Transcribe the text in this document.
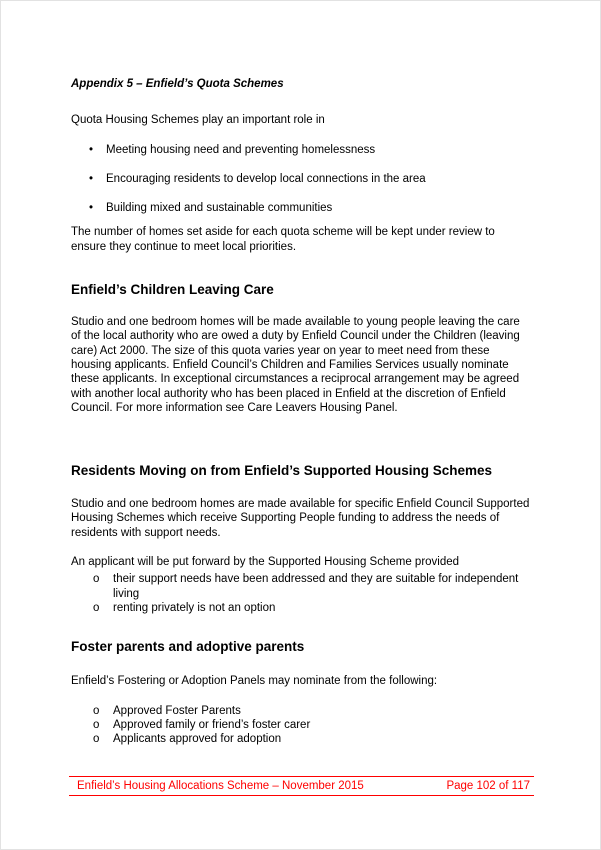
Appendix 5 – Enfield’s Quota Schemes

Quota Housing Schemes play an important role in

•	Meeting housing need and preventing homelessness
•	Encouraging residents to develop local connections in the area
•	Building mixed and sustainable communities

The number of homes set aside for each quota scheme will be kept under review to ensure they continue to meet local priorities.

Enfield’s Children Leaving Care

Studio and one bedroom homes will be made available to young people leaving the care of the local authority who are owed a duty by Enfield Council under the Children (leaving care) Act 2000. The size of this quota varies year on year to meet need from these housing applicants. Enfield Council’s Children and Families Services usually nominate these applicants. In exceptional circumstances a reciprocal arrangement may be agreed with another local authority who has been placed in Enfield at the discretion of Enfield Council. For more information see Care Leavers Housing Panel.

Residents Moving on from Enfield’s Supported Housing Schemes

Studio and one bedroom homes are made available for specific Enfield Council Supported Housing Schemes which receive Supporting People funding to address the needs of residents with support needs.

An applicant will be put forward by the Supported Housing Scheme provided

o	their support needs have been addressed and they are suitable for independent living
o	renting privately is not an option
Foster parents and adoptive parents

Enfield’s Fostering or Adoption Panels may nominate from the following:

o	Approved Foster Parents
o	Approved family or friend’s foster carer
o	Applicants approved for adoption
Enfield’s Housing Allocations Scheme – November 2015	Page 102 of 117
